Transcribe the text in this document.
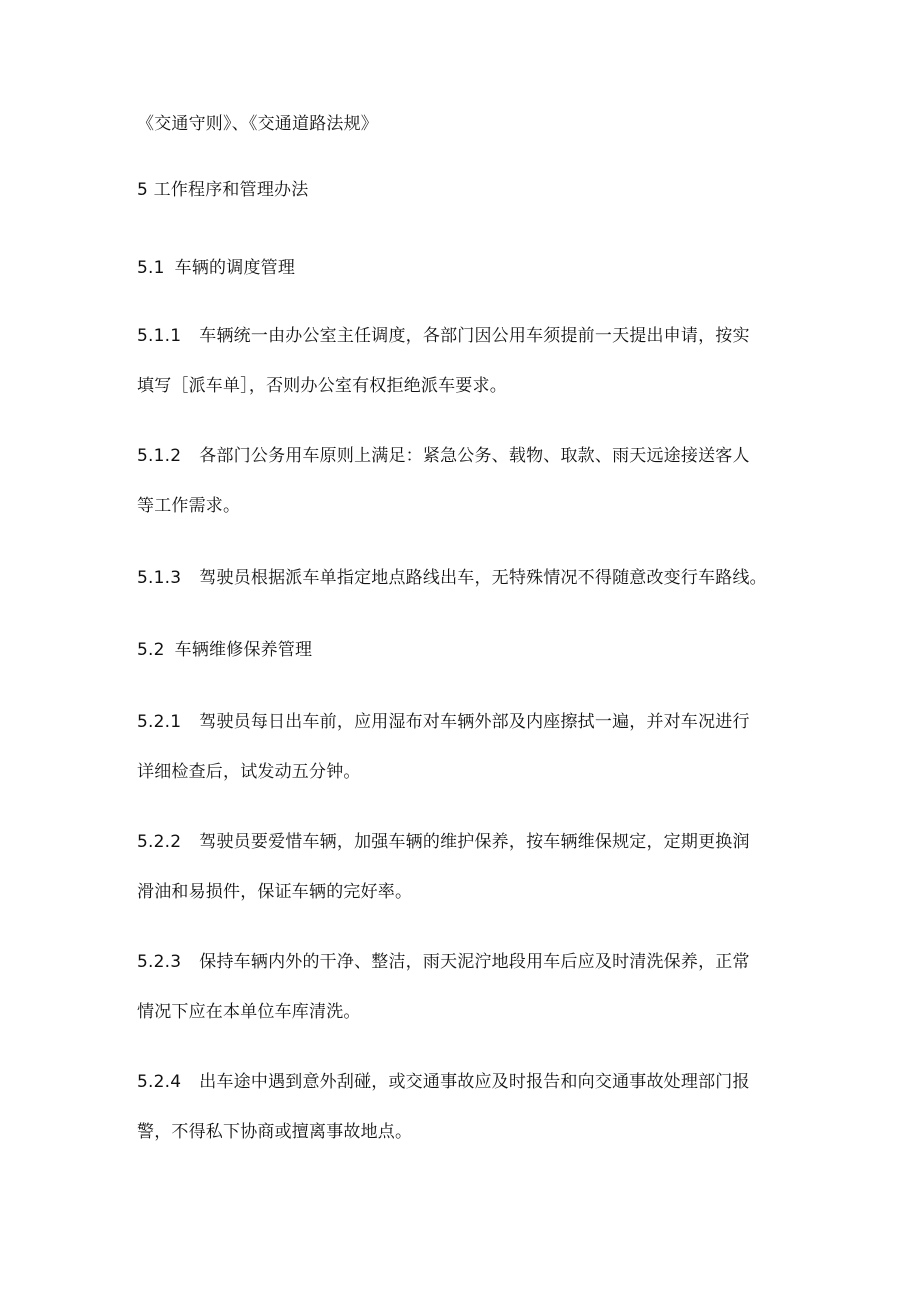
《交通守则》、《交通道路法规》
5 工作程序和管理办法
5.1 车辆的调度管理
5.1.1 车辆统一由办公室主任调度，各部门因公用车须提前一天提出申请，按实
填写［派车单］，否则办公室有权拒绝派车要求。
5.1.2 各部门公务用车原则上满足：紧急公务、载物、取款、雨天远途接送客人
等工作需求。
5.1.3 驾驶员根据派车单指定地点路线出车，无特殊情况不得随意改变行车路线。
5.2 车辆维修保养管理
5.2.1 驾驶员每日出车前，应用湿布对车辆外部及内座擦拭一遍，并对车况进行
详细检查后，试发动五分钟。
5.2.2 驾驶员要爱惜车辆，加强车辆的维护保养，按车辆维保规定，定期更换润
滑油和易损件，保证车辆的完好率。
5.2.3 保持车辆内外的干净、整洁，雨天泥泞地段用车后应及时清洗保养，正常
情况下应在本单位车库清洗。
5.2.4 出车途中遇到意外刮碰，或交通事故应及时报告和向交通事故处理部门报
警，不得私下协商或擅离事故地点。
